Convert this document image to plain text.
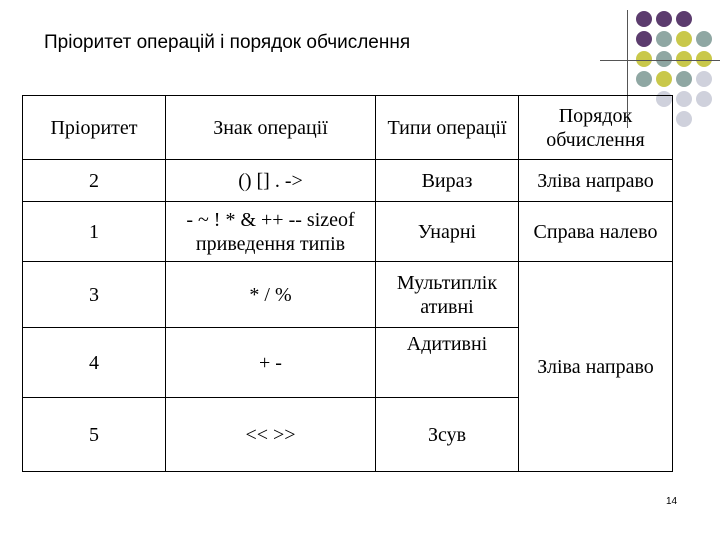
Пріоритет операцій і порядок обчислення
Пріоритет	Знак операції	Типи операції	Порядок обчислення
2	() [] . ->	Вираз	Зліва направо
1	- ~ ! * & ++ -- sizeof приведення типів	Унарні	Справа налево
3	* / %	Мультиплік ативні	Зліва направо
4	+ -	Адитивні	
5	<< >>	Зсув	
14
